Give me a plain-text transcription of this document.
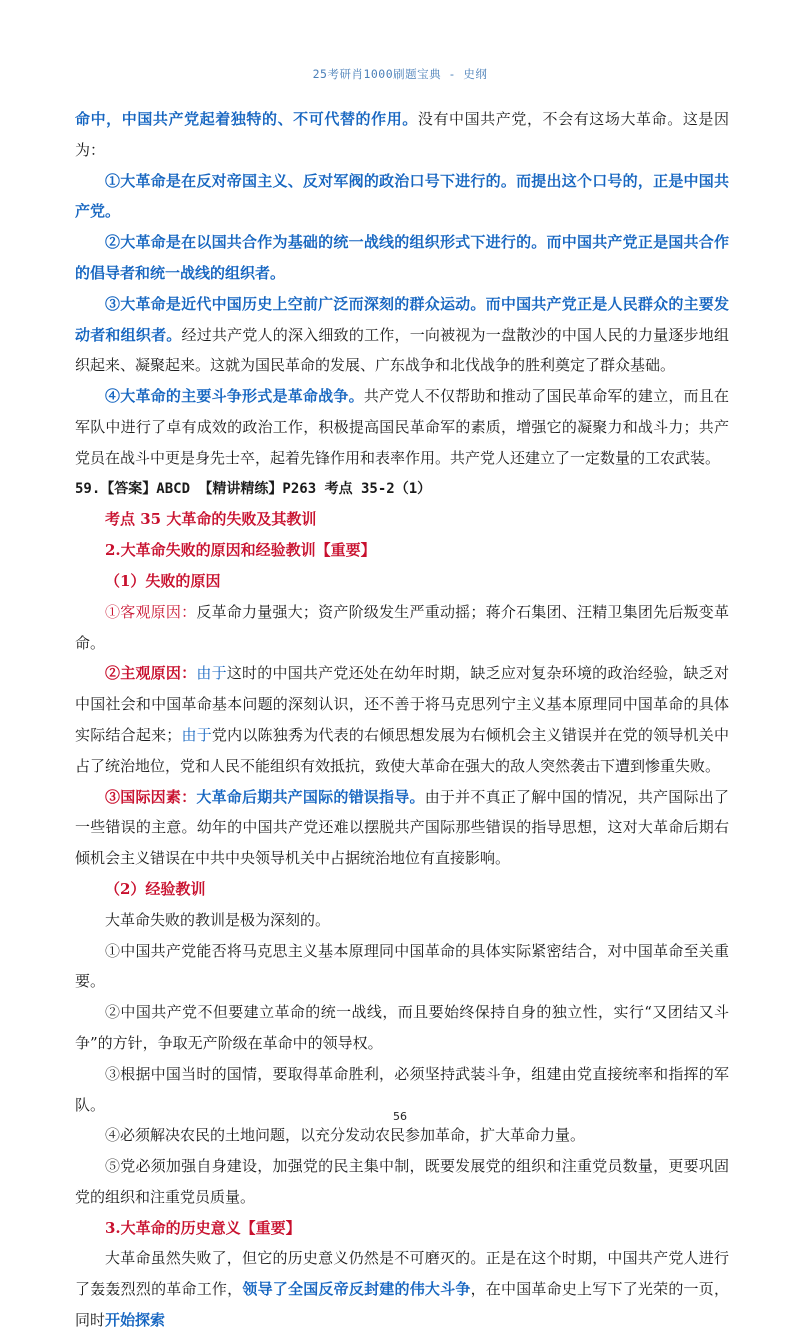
25考研肖1000刷题宝典 - 史纲

命中，中国共产党起着独特的、不可代替的作用。没有中国共产党，不会有这场大革命。这是因为：

①大革命是在反对帝国主义、反对军阀的政治口号下进行的。而提出这个口号的，正是中国共产党。

②大革命是在以国共合作为基础的统一战线的组织形式下进行的。而中国共产党正是国共合作的倡导者和统一战线的组织者。

③大革命是近代中国历史上空前广泛而深刻的群众运动。而中国共产党正是人民群众的主要发动者和组织者。经过共产党人的深入细致的工作，一向被视为一盘散沙的中国人民的力量逐步地组织起来、凝聚起来。这就为国民革命的发展、广东战争和北伐战争的胜利奠定了群众基础。

④大革命的主要斗争形式是革命战争。共产党人不仅帮助和推动了国民革命军的建立，而且在军队中进行了卓有成效的政治工作，积极提高国民革命军的素质，增强它的凝聚力和战斗力；共产党员在战斗中更是身先士卒，起着先锋作用和表率作用。共产党人还建立了一定数量的工农武装。

59.【答案】ABCD 【精讲精练】P263 考点 35-2（1）

考点 35 大革命的失败及其教训

2.大革命失败的原因和经验教训【重要】

（1）失败的原因

①客观原因：反革命力量强大；资产阶级发生严重动摇；蒋介石集团、汪精卫集团先后叛变革命。

②主观原因：由于这时的中国共产党还处在幼年时期，缺乏应对复杂环境的政治经验，缺乏对中国社会和中国革命基本问题的深刻认识，还不善于将马克思列宁主义基本原理同中国革命的具体实际结合起来；由于党内以陈独秀为代表的右倾思想发展为右倾机会主义错误并在党的领导机关中占了统治地位，党和人民不能组织有效抵抗，致使大革命在强大的敌人突然袭击下遭到惨重失败。

③国际因素：大革命后期共产国际的错误指导。由于并不真正了解中国的情况，共产国际出了一些错误的主意。幼年的中国共产党还难以摆脱共产国际那些错误的指导思想，这对大革命后期右倾机会主义错误在中共中央领导机关中占据统治地位有直接影响。

（2）经验教训

大革命失败的教训是极为深刻的。

①中国共产党能否将马克思主义基本原理同中国革命的具体实际紧密结合，对中国革命至关重要。

②中国共产党不但要建立革命的统一战线，而且要始终保持自身的独立性，实行“又团结又斗争”的方针，争取无产阶级在革命中的领导权。

③根据中国当时的国情，要取得革命胜利，必须坚持武装斗争，组建由党直接统率和指挥的军队。

④必须解决农民的土地问题，以充分发动农民参加革命，扩大革命力量。

⑤党必须加强自身建设，加强党的民主集中制，既要发展党的组织和注重党员数量，更要巩固党的组织和注重党员质量。

3.大革命的历史意义【重要】

大革命虽然失败了，但它的历史意义仍然是不可磨灭的。正是在这个时期，中国共产党人进行了轰轰烈烈的革命工作，领导了全国反帝反封建的伟大斗争，在中国革命史上写下了光荣的一页，同时开始探索

56
